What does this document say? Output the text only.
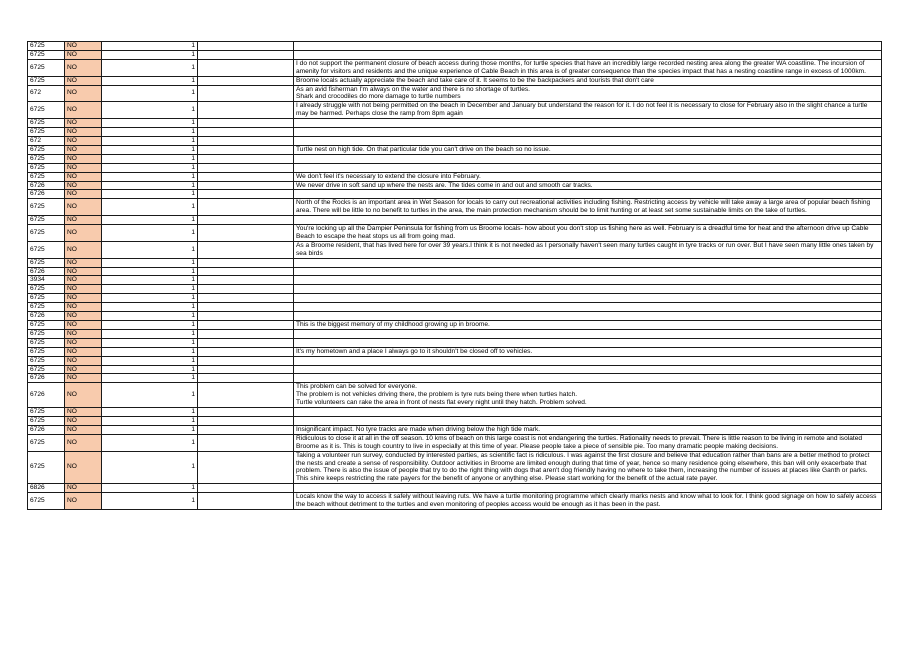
6725	NO	1		
6725	NO	1		
6725	NO	1		I do not support the permanent closure of beach access during those months, for turtle species that have an incredibly large recorded nesting area along the greater WA coastline. The incursion of amenity for visitors and residents and the unique experience of Cable Beach in this area is of greater consequence than the species impact that has a nesting coastline range in excess of 1000km.
6725	NO	1		Broome locals actually appreciate the beach and take care of it. It seems to be the backpackers and tourists that don't care
672	NO	1		As an avid fisherman I'm always on the water and there is no shortage of turtles.
Shark and crocodiles do more damage to turtle numbers
6725	NO	1		I already struggle with not being permitted on the beach in December and January but understand the reason for it. I do not feel it is necessary to close for February also in the slight chance a turtle may be harmed. Perhaps close the ramp from 8pm again
6725	NO	1		
6725	NO	1		
672	NO	1		
6725	NO	1		Turtle nest on high tide. On that particular tide you can't drive on the beach so no issue.
6725	NO	1		
6725	NO	1		
6725	NO	1		We don't feel it's necessary to extend the closure into February.
6726	NO	1		We never drive in soft sand up where the nests are. The tides come in and out and smooth car tracks.
6726	NO	1		
6725	NO	1		North of the Rocks is an important area in Wet Season for locals to carry out recreational activities including fishing. Restricting access by vehicle will take away a large area of popular beach fishing area. There will be little to no benefit to turtles in the area, the main protection mechanism should be to limit hunting or at least set some sustainable limits on the take of turtles.
6725	NO	1		
6725	NO	1		You're locking up all the Dampier Peninsula for fishing from us Broome locals- how about you don't stop us fishing here as well. February is a dreadful time for heat and the afternoon drive up Cable Beach to escape the heat stops us all from going mad.
6725	NO	1		As a Broome resident, that has lived here for over 39 years.I think it is not needed as I personally haven't seen many turtles caught in tyre tracks or run over. But I have seen many little ones taken by sea birds
6725	NO	1		
6726	NO	1		
3934	NO	1		
6725	NO	1		
6725	NO	1		
6725	NO	1		
6726	NO	1		
6725	NO	1		This is the biggest memory of my childhood growing up in broome.
6725	NO	1		
6725	NO	1		
6725	NO	1		It's my hometown and a place I always go to it shouldn't be closed off to vehicles.
6725	NO	1		
6725	NO	1		
6726	NO	1		
6726	NO	1		This problem can be solved for everyone.
The problem is not vehicles driving there, the problem is tyre ruts being there when turtles hatch.
Turtle volunteers can rake the area in front of nests flat every night until they hatch. Problem solved.
6725	NO	1		
6725	NO	1		
6726	NO	1		Insignificant impact. No tyre tracks are made when driving below the high tide mark.
6725	NO	1		Ridiculous to close it at all in the off season. 10 kms of beach on this large coast is not endangering the turtles. Rationality needs to prevail. There is little reason to be living in remote and isolated Broome as it is. This is tough country to live in especially at this time of year. Please people take a piece of sensible pie. Too many dramatic people making decisions.
6725	NO	1		Taking a volunteer run survey, conducted by interested parties, as scientific fact is ridiculous. I was against the first closure and believe that education rather than bans are a better method to protect the nests and create a sense of responsibility. Outdoor activities in Broome are limited enough during that time of year, hence so many residence going elsewhere, this ban will only exacerbate that problem. There is also the issue of people that try to do the right thing with dogs that aren't dog friendly having no where to take them, increasing the number of issues at places like Ganth or parks. This shire keeps restricting the rate payers for the benefit of anyone or anything else. Please start working for the benefit of the actual rate payer.
6826	NO	1		
6725	NO	1		Locals know the way to access it safely without leaving ruts. We have a turtle monitoring programme which clearly marks nests and know what to look for. I think good signage on how to safely access the beach without detriment to the turtles and even monitoring of peoples access would be enough as it has been in the past.
